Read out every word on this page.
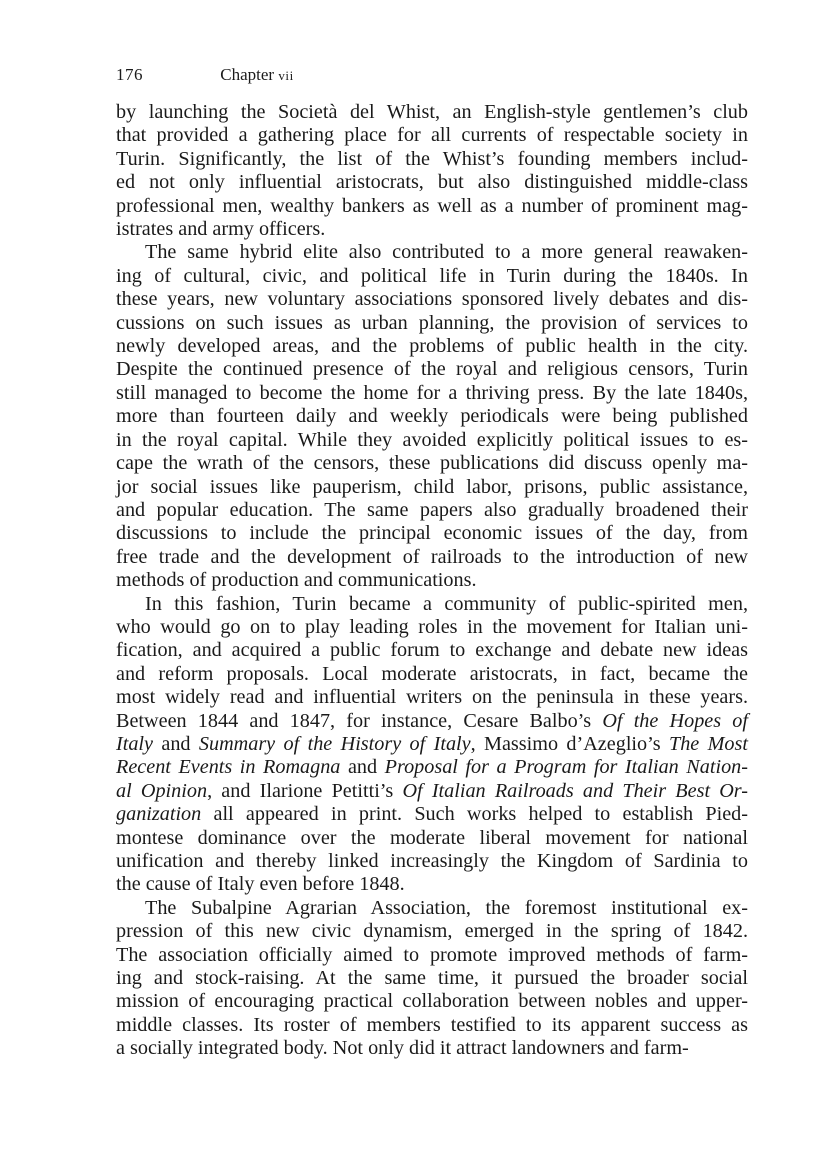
176	Chapter vii
by launching the Società del Whist, an English-style gentlemen’s club
that provided a gathering place for all currents of respectable society in
Turin. Significantly, the list of the Whist’s founding members includ-
ed not only influential aristocrats, but also distinguished middle-class
professional men, wealthy bankers as well as a number of prominent mag-
istrates and army officers.
The same hybrid elite also contributed to a more general reawaken-
ing of cultural, civic, and political life in Turin during the 1840s. In
these years, new voluntary associations sponsored lively debates and dis-
cussions on such issues as urban planning, the provision of services to
newly developed areas, and the problems of public health in the city.
Despite the continued presence of the royal and religious censors, Turin
still managed to become the home for a thriving press. By the late 1840s,
more than fourteen daily and weekly periodicals were being published
in the royal capital. While they avoided explicitly political issues to es-
cape the wrath of the censors, these publications did discuss openly ma-
jor social issues like pauperism, child labor, prisons, public assistance,
and popular education. The same papers also gradually broadened their
discussions to include the principal economic issues of the day, from
free trade and the development of railroads to the introduction of new
methods of production and communications.
In this fashion, Turin became a community of public-spirited men,
who would go on to play leading roles in the movement for Italian uni-
fication, and acquired a public forum to exchange and debate new ideas
and reform proposals. Local moderate aristocrats, in fact, became the
most widely read and influential writers on the peninsula in these years.
Between 1844 and 1847, for instance, Cesare Balbo’s Of the Hopes of
Italy and Summary of the History of Italy, Massimo d’Azeglio’s The Most
Recent Events in Romagna and Proposal for a Program for Italian Nation-
al Opinion, and Ilarione Petitti’s Of Italian Railroads and Their Best Or-
ganization all appeared in print. Such works helped to establish Pied-
montese dominance over the moderate liberal movement for national
unification and thereby linked increasingly the Kingdom of Sardinia to
the cause of Italy even before 1848.
The Subalpine Agrarian Association, the foremost institutional ex-
pression of this new civic dynamism, emerged in the spring of 1842.
The association officially aimed to promote improved methods of farm-
ing and stock-raising. At the same time, it pursued the broader social
mission of encouraging practical collaboration between nobles and upper-
middle classes. Its roster of members testified to its apparent success as
a socially integrated body. Not only did it attract landowners and farm-
